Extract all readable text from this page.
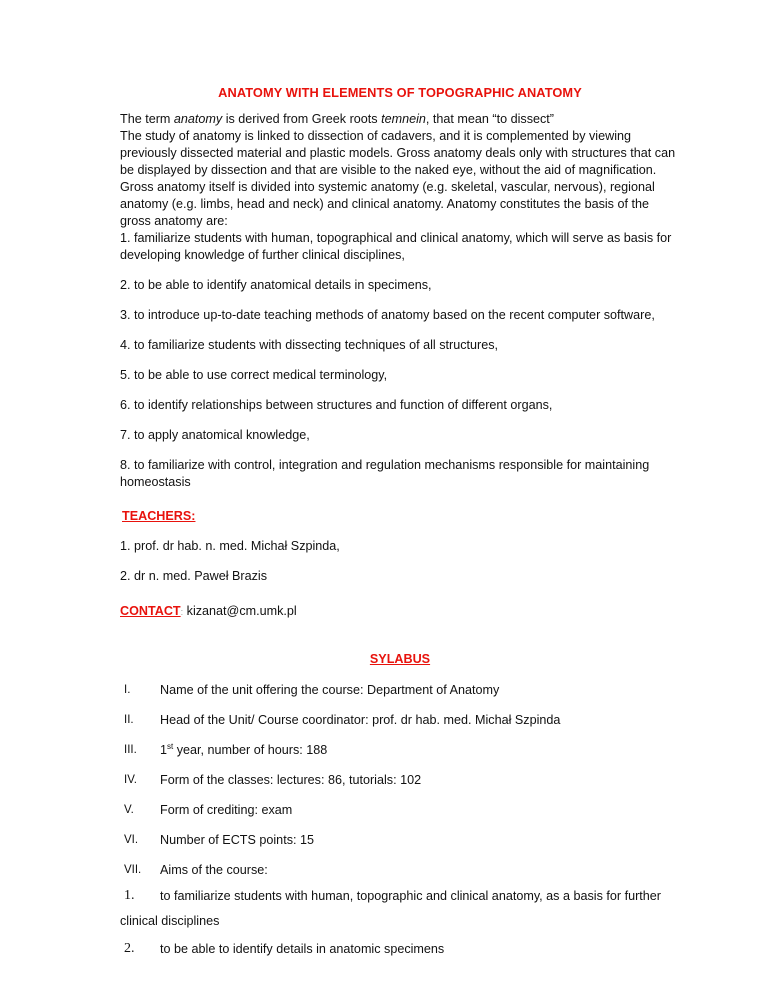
ANATOMY WITH ELEMENTS OF TOPOGRAPHIC ANATOMY

The term anatomy is derived from Greek roots temnein, that mean “to dissect”

The study of anatomy is linked to dissection of cadavers, and it is complemented by viewing previously dissected material and plastic models. Gross anatomy deals only with structures that can be displayed by dissection and that are visible to the naked eye, without the aid of magnification. Gross anatomy itself is divided into systemic anatomy (e.g. skeletal, vascular, nervous), regional anatomy (e.g. limbs, head and neck) and clinical anatomy. Anatomy constitutes the basis of the gross anatomy are:

1. familiarize students with human, topographical and clinical anatomy, which will serve as basis for developing knowledge of further clinical disciplines,

2. to be able to identify anatomical details in specimens,

3. to introduce up-to-date teaching methods of anatomy based on the recent computer software,

4. to familiarize students with dissecting techniques of all structures,

5. to be able to use correct medical terminology,

6. to identify relationships between structures and function of different organs,

7. to apply anatomical knowledge,

8. to familiarize with control, integration and regulation mechanisms responsible for maintaining homeostasis

TEACHERS:

1. prof. dr hab. n. med. Michał Szpinda,

2. dr n. med. Paweł Brazis

CONTACT: kizanat@cm.umk.pl
SYLABUS
I. Name of the unit offering the course: Department of Anatomy
II. Head of the Unit/ Course coordinator: prof. dr hab. med. Michał Szpinda
III. 1st year, number of hours: 188
IV. Form of the classes: lectures: 86, tutorials: 102
V. Form of crediting: exam
VI. Number of ECTS points: 15
VII. Aims of the course:
1.	to familiarize students with human, topographic and clinical anatomy, as a basis for further
clinical disciplines
2.	to be able to identify details in anatomic specimens
